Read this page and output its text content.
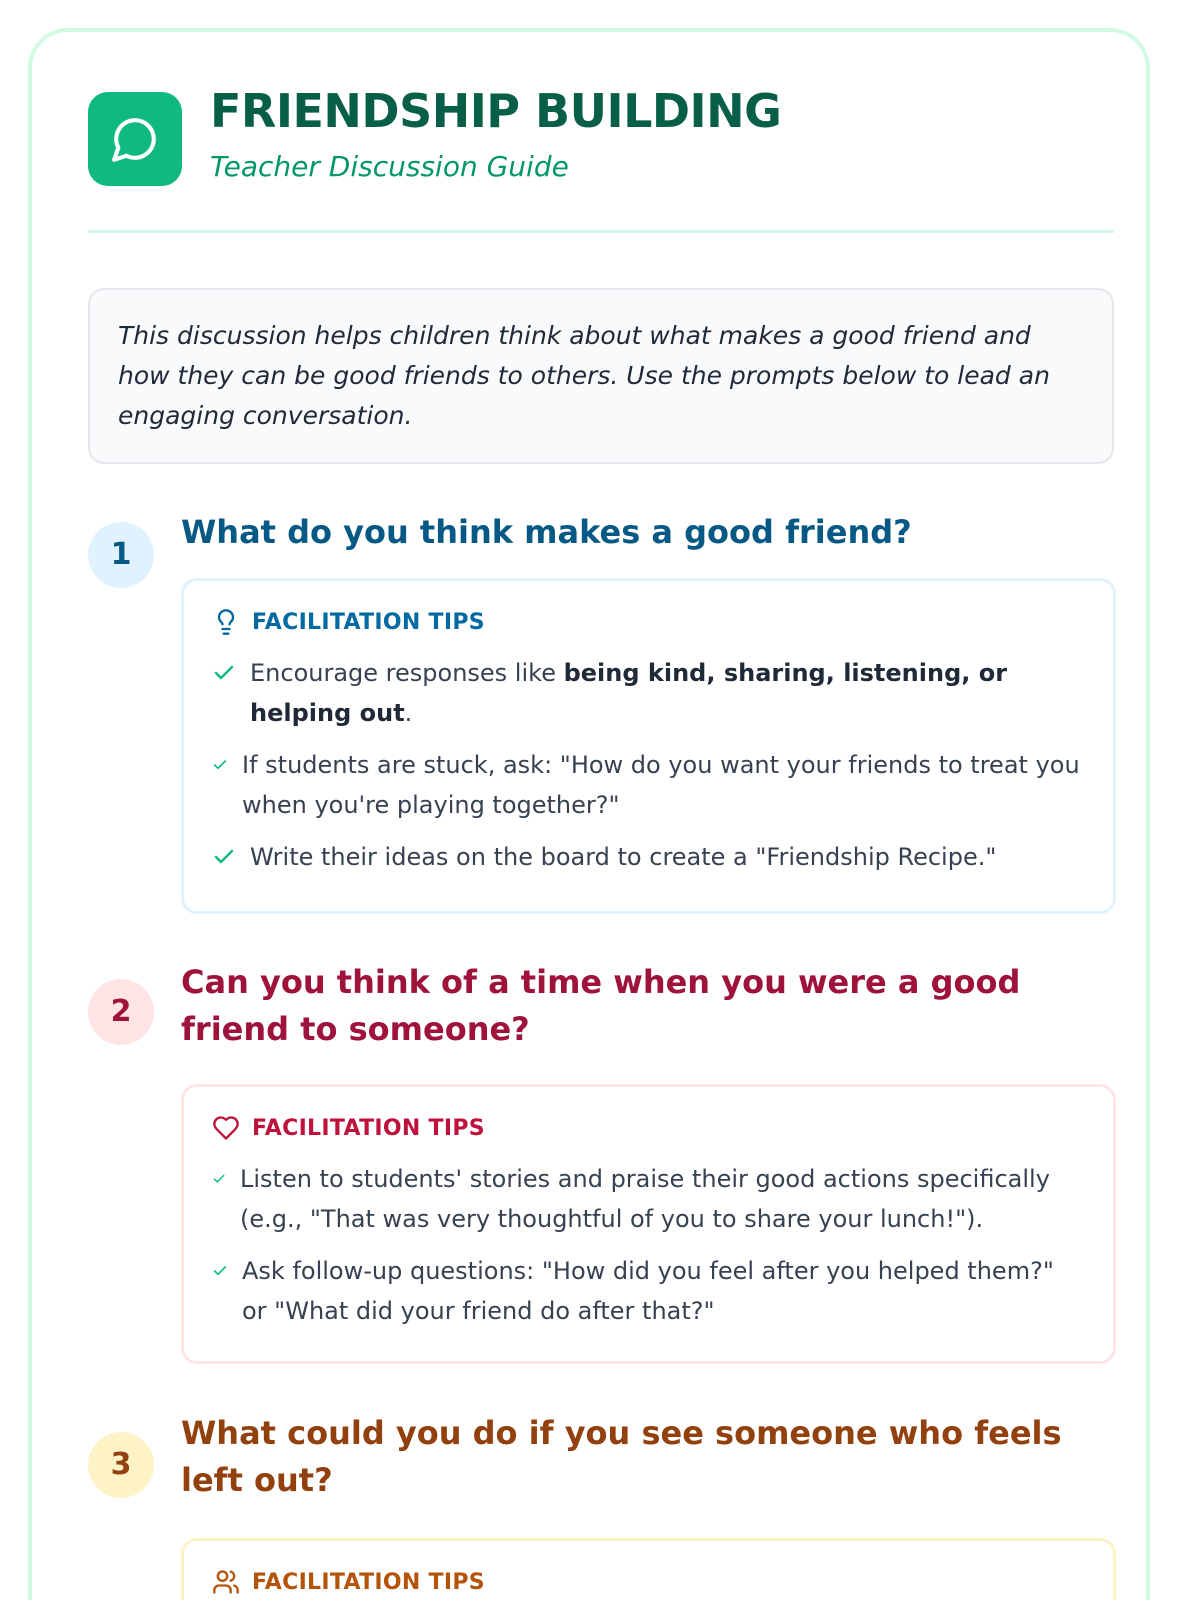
FRIENDSHIP BUILDING
Teacher Discussion Guide
This discussion helps children think about what makes a good friend and how they can be good friends to others. Use the prompts below to lead an engaging conversation.
1
What do you think makes a good friend?
FACILITATION TIPS
Encourage responses like being kind, sharing, listening, or helping out.
If students are stuck, ask: "How do you want your friends to treat you when you're playing together?"
Write their ideas on the board to create a "Friendship Recipe."
2
Can you think of a time when you were a good friend to someone?
FACILITATION TIPS
Listen to students' stories and praise their good actions specifically (e.g., "That was very thoughtful of you to share your lunch!").
Ask follow-up questions: "How did you feel after you helped them?" or "What did your friend do after that?"
3
What could you do if you see someone who feels left out?
FACILITATION TIPS
